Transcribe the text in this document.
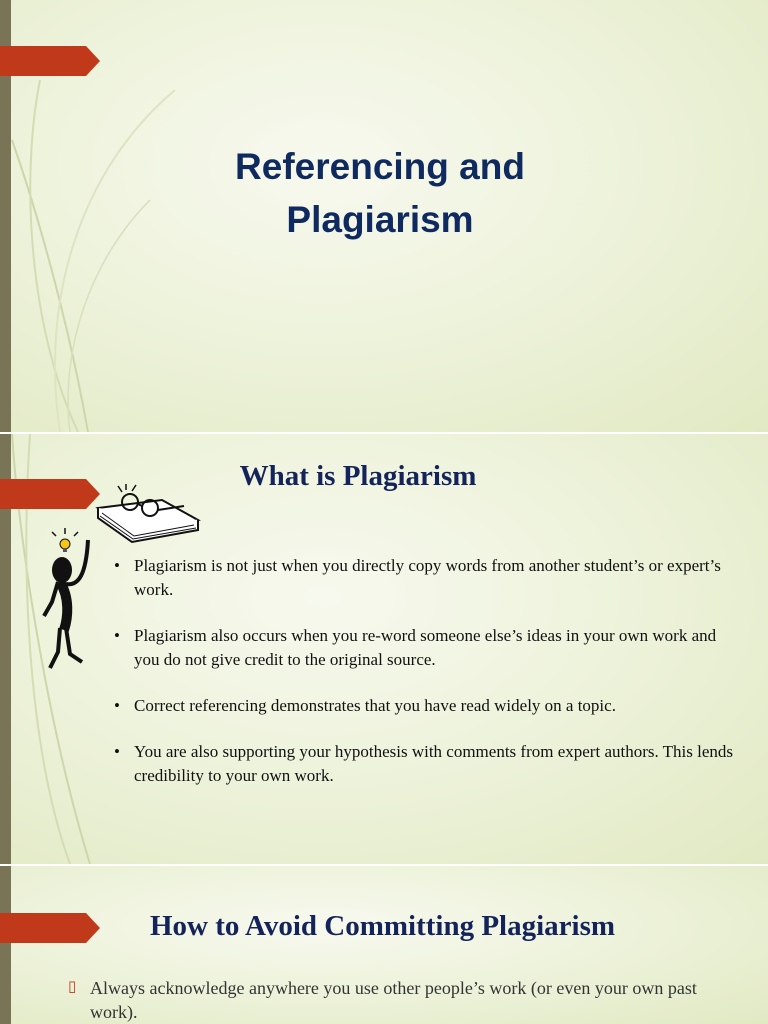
Referencing and
Plagiarism
What is Plagiarism
• Plagiarism is not just when you directly copy words from another student’s or expert’s work.
• Plagiarism also occurs when you re-word someone else’s ideas in your own work and you do not give credit to the original source.
• Correct referencing demonstrates that you have read widely on a topic.
• You are also supporting your hypothesis with comments from expert authors. This lends credibility to your own work.
How to Avoid Committing Plagiarism
▯ Always acknowledge anywhere you use other people’s work (or even your own past work).
